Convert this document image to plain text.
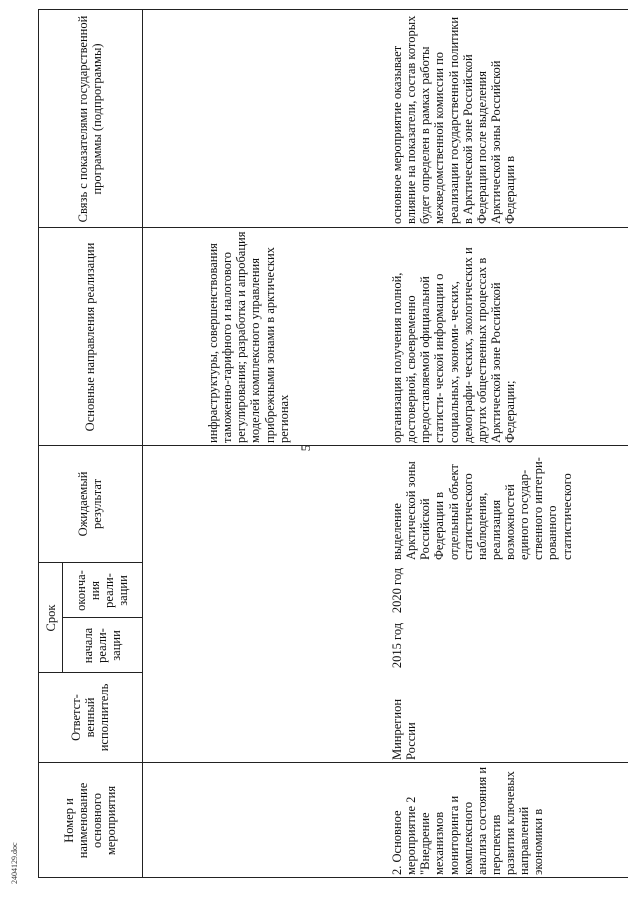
5
2404129.doc
Номер и наименование основного мероприятия
Ответст- венный исполнитель
Срок
начала реали- зации
оконча- ния реали- зации
Ожидаемый результат
Основные направления реализации
Связь с показателями государственной программы (подпрограммы)
инфраструктуры, совершенствования таможенно-тарифного и налогового регулирования; разработка и апробация моделей комплексного управления прибрежными зонами в арктических регионах
2. Основное мероприятие 2 "Внедрение механизмов мониторинга и комплексного анализа состояния и перспектив развития ключевых направлений экономики в
Минрегион России
2015 год
2020 год
выделение Арктической зоны Российской Федерации в отдельный объект статистического наблюдения, реализация возможностей единого государ- ственного интегри- рованного статистического
организация получения полной, достоверной, своевременно предоставляемой официальной статисти- ческой информации о социальных, экономи- ческих, демографи- ческих, экологических и других общественных процессах в Арктической зоне Российской Федерации;
основное мероприятие оказывает влияние на показатели, состав которых будет определен в рамках работы межведомственной комиссии по реализации государственной политики в Арктической зоне Российской Федерации после выделения Арктической зоны Российской Федерации в
